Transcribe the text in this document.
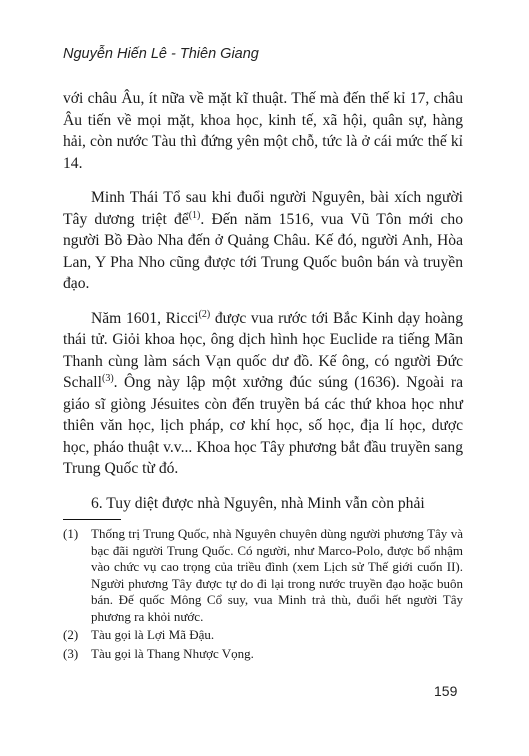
Nguyễn Hiến Lê - Thiên Giang

với châu Âu, ít nữa về mặt kĩ thuật. Thế mà đến thế kỉ 17, châu Âu tiến về mọi mặt, khoa học, kinh tế, xã hội, quân sự, hàng hải, còn nước Tàu thì đứng yên một chỗ, tức là ở cái mức thế kỉ 14.

Minh Thái Tổ sau khi đuổi người Nguyên, bài xích người Tây dương triệt để$^{(1)}$. Đến năm 1516, vua Vũ Tôn mới cho người Bồ Đào Nha đến ở Quảng Châu. Kế đó, người Anh, Hòa Lan, Y Pha Nho cũng được tới Trung Quốc buôn bán và truyền đạo.

Năm 1601, Ricci$^{(2)}$ được vua rước tới Bắc Kinh dạy hoàng thái tử. Giỏi khoa học, ông dịch hình học Euclide ra tiếng Mãn Thanh cùng làm sách Vạn quốc dư đồ. Kế ông, có người Đức Schall$^{(3)}$. Ông này lập một xưởng đúc súng (1636). Ngoài ra giáo sĩ giòng Jésuites còn đến truyền bá các thứ khoa học như thiên văn học, lịch pháp, cơ khí học, số học, địa lí học, dược học, pháo thuật v.v... Khoa học Tây phương bắt đầu truyền sang Trung Quốc từ đó.

6. Tuy diệt được nhà Nguyên, nhà Minh vẫn còn phải

(1) Thống trị Trung Quốc, nhà Nguyên chuyên dùng người phương Tây và bạc đãi người Trung Quốc. Có người, như Marco-Polo, được bổ nhậm vào chức vụ cao trọng của triều đình (xem Lịch sử Thế giới cuốn II). Người phương Tây được tự do đi lại trong nước truyền đạo hoặc buôn bán. Đế quốc Mông Cổ suy, vua Minh trả thù, đuổi hết người Tây phương ra khỏi nước.
(2) Tàu gọi là Lợi Mã Đậu.
(3) Tàu gọi là Thang Nhược Vọng.
159
